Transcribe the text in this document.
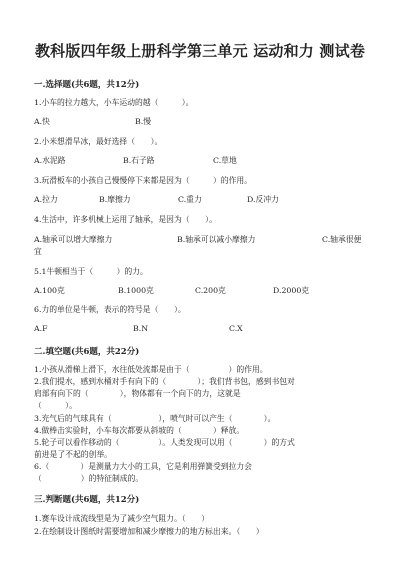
教科版四年级上册科学第三单元 运动和力 测试卷
一.选择题(共6题，共12分)
1.小车的拉力越大，小车运动的越（　　　）。
A.快	B.慢
2.小米想滑旱冰，最好选择（　　）。
A.水泥路	B.石子路	C.草地
3.玩滑板车的小孩自己慢慢停下来都是因为（　　　）的作用。
A.拉力	B.摩擦力	C.重力	D.反冲力
4.生活中，许多机械上运用了轴承，是因为（　　）。
A.轴承可以增大摩擦力	B.轴承可以减小摩擦力	C.轴承很便
宜
5.1牛顿相当于（　　　）的力。
A.100克	B.1000克	C.200克	D.2000克
6.力的单位是牛顿，表示的符号是（　　）。
A.F	B.N	C.X
二.填空题(共6题，共22分)
1.小孩从滑梯上滑下，水往低处流都是由于（　　　　　）的作用。
2.我们提水，感到水桶对手有向下的（　　　　）；我们背书包，感到书包对
肩部有向下的（　　　　），物体都有一个向下的力，这就是
（　　　）。
3.充气后的气球具有（　　　　　　），喷气时可以产生（　　　　）。
4.做棒击实验时，小车每次都要从斜坡的（　　　　）释放。
5.轮子可以看作移动的（　　　　　）。人类发现可以用（　　　　）的方式
前进是了不起的创举。
6.（　　　　）是测量力大小的工具，它是利用弹簧受到拉力会
（　　　　　）的特征制成的。
三.判断题(共6题，共12分)
1.赛车设计成流线型是为了减少空气阻力。（　　）
2.在绘制设计图纸时需要增加和减少摩擦力的地方标出来。（　　）
